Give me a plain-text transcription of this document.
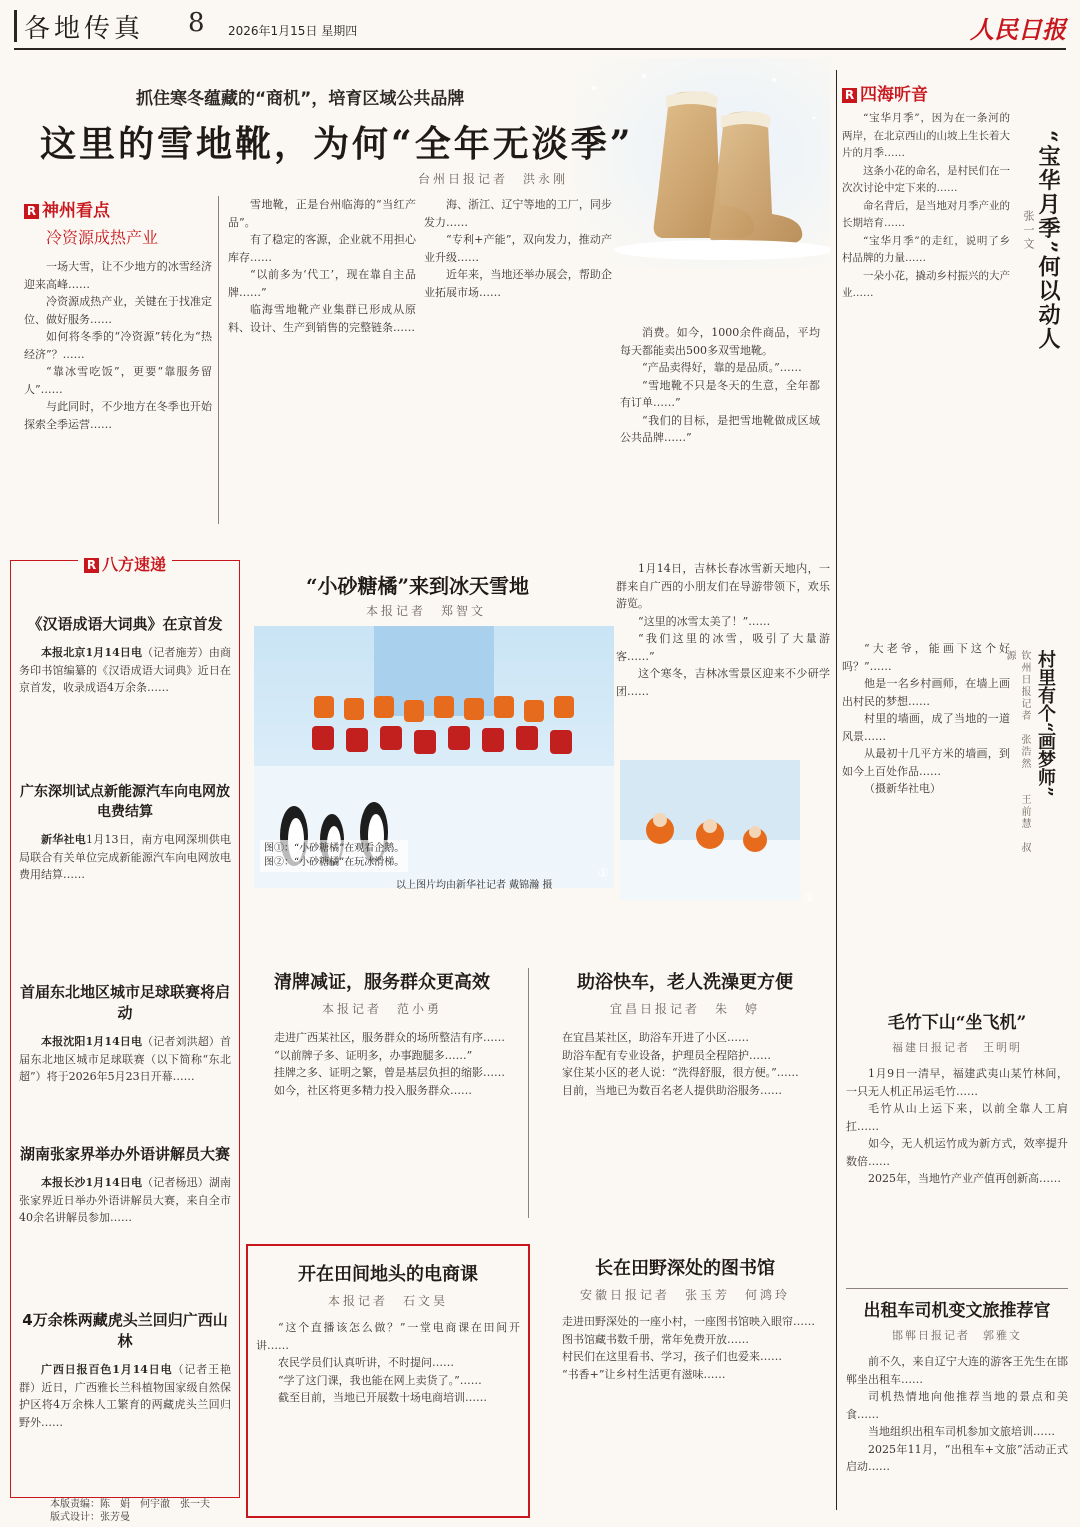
各地传真 8 2026年1月15日 星期四	人民日报
抓住寒冬蕴藏的“商机”，培育区域公共品牌
这里的雪地靴，为何“全年无淡季”
台州日报记者　洪永刚
R 神州看点
冷资源成热产业

一场大雪，让不少地方的冰雪经济迎来高峰……

冷资源成热产业，关键在于找准定位、做好服务……

如何将冬季的“冷资源”转化为“热经济”？……

“靠冰雪吃饭”，更要“靠服务留人”……

与此同时，不少地方在冬季也开始探索全季运营……

雪地靴，正是台州临海的“当红产品”。

有了稳定的客源，企业就不用担心库存……

“以前多为‘代工’，现在靠自主品牌……”

临海雪地靴产业集群已形成从原料、设计、生产到销售的完整链条……

海、浙江、辽宁等地的工厂，同步发力……

“专利+产能”，双向发力，推动产业升级……

近年来，当地还举办展会，帮助企业拓展市场……

消费。如今，1000余件商品，平均每天都能卖出500多双雪地靴。

“产品卖得好，靠的是品质。”……

“雪地靴不只是冬天的生意，全年都有订单……”

“我们的目标，是把雪地靴做成区域公共品牌……”

R 四海听音
“宝华月季”何以动人
张一文

“宝华月季”，因为在一条河的两岸，在北京西山的山坡上生长着大片的月季……

这条小花的命名，是村民们在一次次讨论中定下来的……

命名背后，是当地对月季产业的长期培育……

“宝华月季”的走红，说明了乡村品牌的力量……

一朵小花，撬动乡村振兴的大产业……

R 八方速递
《汉语成语大词典》在京首发

本报北京1月14日电（记者施芳）由商务印书馆编纂的《汉语成语大词典》近日在京首发，收录成语4万余条……

广东深圳试点新能源汽车向电网放电费结算

新华社电1月13日，南方电网深圳供电局联合有关单位完成新能源汽车向电网放电费用结算……

首届东北地区城市足球联赛将启动

本报沈阳1月14日电（记者刘洪超）首届东北地区城市足球联赛（以下简称“东北超”）将于2026年5月23日开幕……

湖南张家界举办外语讲解员大赛

本报长沙1月14日电（记者杨迅）湖南张家界近日举办外语讲解员大赛，来自全市40余名讲解员参加……

4万余株两藏虎头兰回归广西山林

广西日报百色1月14日电（记者王艳群）近日，广西雅长兰科植物国家级自然保护区将4万余株人工繁育的两藏虎头兰回归野外……

本版责编：陈　娟　何宇澈　张一夫
版式设计：张芳曼
“小砂糖橘”来到冰天雪地
本报记者　郑智文
图①：“小砂糖橘”在观看企鹅。
图②：“小砂糖橘”在玩冰滑梯。
以上图片均由新华社记者 戴锦瀚 摄

1月14日，吉林长春冰雪新天地内，一群来自广西的小朋友们在导游带领下，欢乐游览。

“这里的冰雪太美了！”……

“我们这里的冰雪，吸引了大量游客……”

这个寒冬，吉林冰雪景区迎来不少研学团……

①
②
村里有个“画梦师”
钦州日报记者　张浩然　　王前慧　叔　源

“大老爷，能画下这个好吗？”……

他是一名乡村画师，在墙上画出村民的梦想……

村里的墙画，成了当地的一道风景……

从最初十几平方米的墙画，到如今上百处作品……

（摄新华社电）

清牌减证，服务群众更高效
本报记者　范小勇

走进广西某社区，服务群众的场所整洁有序……

“以前牌子多、证明多，办事跑腿多……”

挂牌之多、证明之繁，曾是基层负担的缩影……

如今，社区将更多精力投入服务群众……

助浴快车，老人洗澡更方便
宜昌日报记者　朱　婷

在宜昌某社区，助浴车开进了小区……

助浴车配有专业设备，护理员全程陪护……

家住某小区的老人说：“洗得舒服，很方便。”……

目前，当地已为数百名老人提供助浴服务……

毛竹下山“坐飞机”
福建日报记者　王明明

1月9日一清早，福建武夷山某竹林间，一只无人机正吊运毛竹……

毛竹从山上运下来，以前全靠人工肩扛……

如今，无人机运竹成为新方式，效率提升数倍……

2025年，当地竹产业产值再创新高……

开在田间地头的电商课
本报记者　石文昊

“这个直播该怎么做？”一堂电商课在田间开讲……

农民学员们认真听讲，不时提问……

“学了这门课，我也能在网上卖货了。”……

截至目前，当地已开展数十场电商培训……

长在田野深处的图书馆
安徽日报记者　张玉芳　何鸿玲

走进田野深处的一座小村，一座图书馆映入眼帘……

图书馆藏书数千册，常年免费开放……

村民们在这里看书、学习，孩子们也爱来……

“书香+”让乡村生活更有滋味……

出租车司机变文旅推荐官
邯郸日报记者　郭雅文

前不久，来自辽宁大连的游客王先生在邯郸坐出租车……

司机热情地向他推荐当地的景点和美食……

当地组织出租车司机参加文旅培训……

2025年11月，“出租车+文旅”活动正式启动……
